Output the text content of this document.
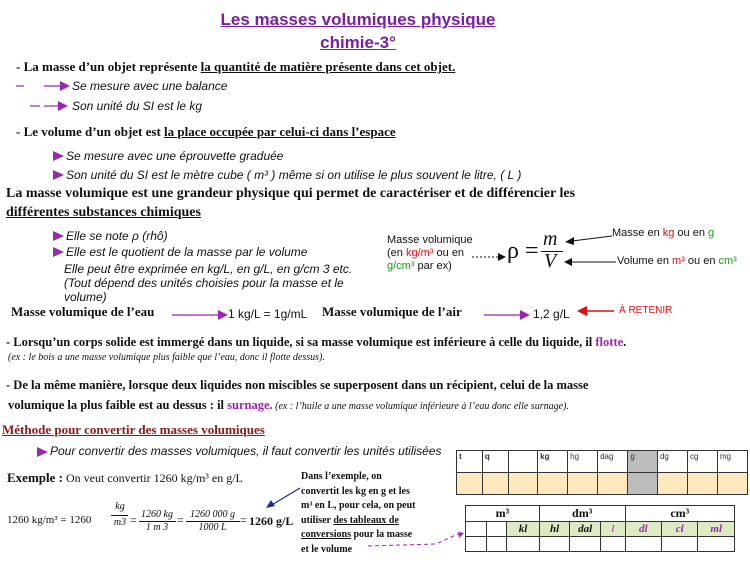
Les masses volumiques physique
chimie-3°
- La masse d’un objet représente la quantité de matière présente dans cet objet.
Se mesure avec une balance
Son unité du SI est le kg
- Le volume d’un objet est la place occupée par celui-ci dans l’espace
Se mesure avec une éprouvette graduée
Son unité du SI est le mètre cube ( m³ ) même si on utilise le plus souvent le litre, ( L )
La masse volumique est une grandeur physique qui permet de caractériser et de différencier les
différentes substances chimiques
Elle se note ρ (rhô)
Elle est le quotient de la masse par le volume
Elle peut être exprimée en kg/L, en g/L, en g/cm 3 etc.
(Tout dépend des unités choisies pour la masse et le
volume)
Masse volumique
(en kg/m³ ou en
g/cm³ par ex)
ρ = m
V
Masse en kg ou en g
Volume en m³ ou en cm³
Masse volumique de l’eau	1 kg/L = 1g/mL Masse volumique de l’air	1,2 g/L	À RETENIR
- Lorsqu’un corps solide est immergé dans un liquide, si sa masse volumique est inférieure à celle du liquide, il flotte.
(ex : le bois a une masse volumique plus faible que l’eau, donc il flotte dessus).
- De la même manière, lorsque deux liquides non miscibles se superposent dans un récipient, celui de la masse
volumique la plus faible est au dessus : il surnage. (ex : l’huile a une masse volumique inférieure à l’eau donc elle surnage).
Méthode pour convertir des masses volumiques
Pour convertir des masses volumiques, il faut convertir les unités utilisées
Exemple : On veut convertir 1260 kg/m³ en g/L
1260 kg/m³ = 1260
kg
m3 = 1260 kg
1 m 3
= 1260 000 g
1000 L
= 1260 g/L
Dans l’exemple, on
convertit les kg en g et les
m³ en L, pour cela, on peut
utiliser des tableaux de
conversions pour la masse
et le volume
t	q		kg	hg	dag	g	dg	cg	mg

m³			dm³			cm³		
		kl	hl	dal	l	dl	cl	ml
